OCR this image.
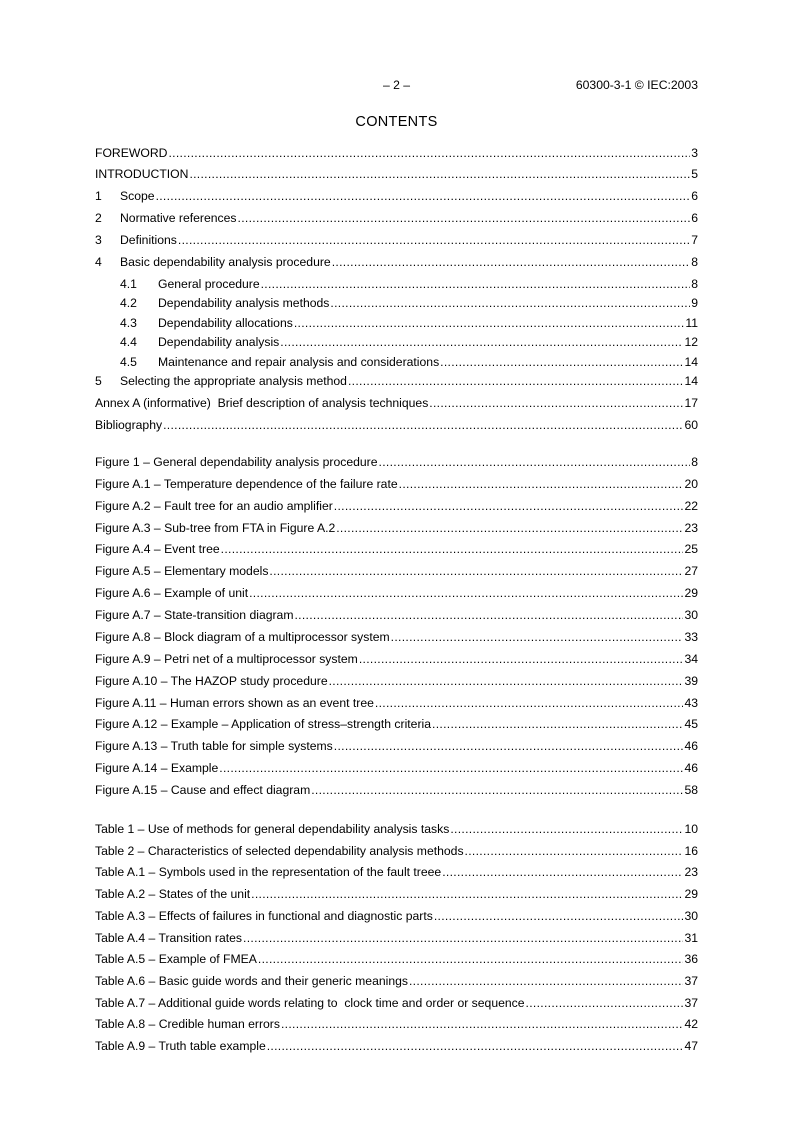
– 2 –	60300-3-1 © IEC:2003
CONTENTS
FOREWORD .....	3
INTRODUCTION .....	5
1	Scope .....	6
2	Normative references .....	6
3	Definitions .....	7
4	Basic dependability analysis procedure .....	8
4.1	General procedure .....	8
4.2	Dependability analysis methods .....	9
4.3	Dependability allocations .....	11
4.4	Dependability analysis .....	12
4.5	Maintenance and repair analysis and considerations .....	14
5	Selecting the appropriate analysis method .....	14
Annex A (informative)  Brief description of analysis techniques .....	17
Bibliography .....	60
Figure 1 – General dependability analysis procedure .....	8
Figure A.1 – Temperature dependence of the failure rate .....	20
Figure A.2 – Fault tree for an audio amplifier .....	22
Figure A.3 – Sub-tree from FTA in Figure A.2 .....	23
Figure A.4 – Event tree .....	25
Figure A.5 – Elementary models .....	27
Figure A.6 – Example of unit .....	29
Figure A.7 – State-transition diagram .....	30
Figure A.8 – Block diagram of a multiprocessor system .....	33
Figure A.9 – Petri net of a multiprocessor system .....	34
Figure A.10 – The HAZOP study procedure .....	39
Figure A.11 – Human errors shown as an event tree .....	43
Figure A.12 – Example – Application of stress–strength criteria .....	45
Figure A.13 – Truth table for simple systems .....	46
Figure A.14 – Example .....	46
Figure A.15 – Cause and effect diagram .....	58
Table 1 – Use of methods for general dependability analysis tasks .....	10
Table 2 – Characteristics of selected dependability analysis methods .....	16
Table A.1 – Symbols used in the representation of the fault treee .....	23
Table A.2 – States of the unit .....	29
Table A.3 – Effects of failures in functional and diagnostic parts .....	30
Table A.4 – Transition rates .....	31
Table A.5 – Example of FMEA .....	36
Table A.6 – Basic guide words and their generic meanings .....	37
Table A.7 – Additional guide words relating to  clock time and order or sequence .....	37
Table A.8 – Credible human errors .....	42
Table A.9 – Truth table example .....	47
